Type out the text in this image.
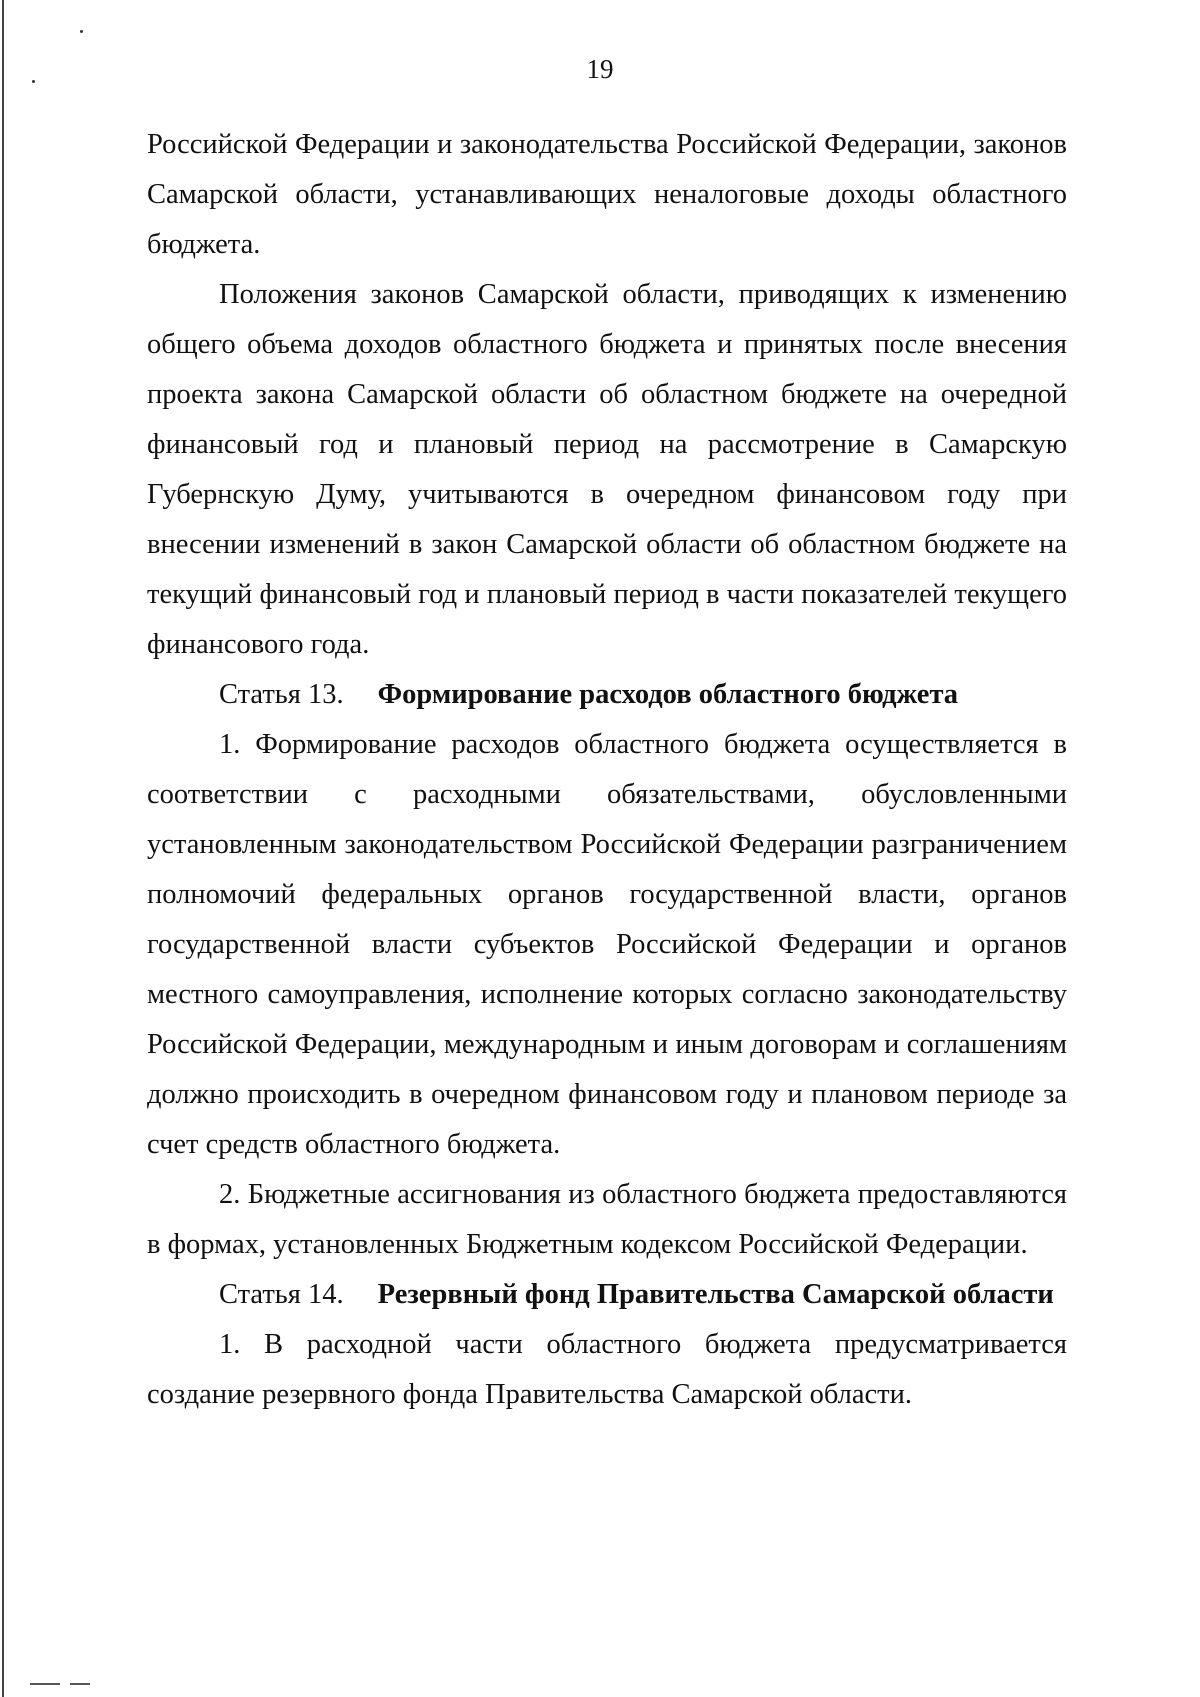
19

Российской Федерации и законодательства Российской Федерации, законов Самарской области, устанавливающих неналоговые доходы областного бюджета.

Положения законов Самарской области, приводящих к изменению общего объема доходов областного бюджета и принятых после внесения проекта закона Самарской области об областном бюджете на очередной финансовый год и плановый период на рассмотрение в Самарскую Губернскую Думу, учитываются в очередном финансовом году при внесении изменений в закон Самарской области об областном бюджете на текущий финансовый год и плановый период в части показателей текущего финансового года.

Статья 13. Формирование расходов областного бюджета

1. Формирование расходов областного бюджета осуществляется в соответствии с расходными обязательствами, обусловленными установленным законодательством Российской Федерации разграничением полномочий федеральных органов государственной власти, органов государственной власти субъектов Российской Федерации и органов местного самоуправления, исполнение которых согласно законодательству Российской Федерации, международным и иным договорам и соглашениям должно происходить в очередном финансовом году и плановом периоде за счет средств областного бюджета.

2. Бюджетные ассигнования из областного бюджета предоставляются в формах, установленных Бюджетным кодексом Российской Федерации.

Статья 14. Резервный фонд Правительства Самарской области

1. В расходной части областного бюджета предусматривается создание резервного фонда Правительства Самарской области.
